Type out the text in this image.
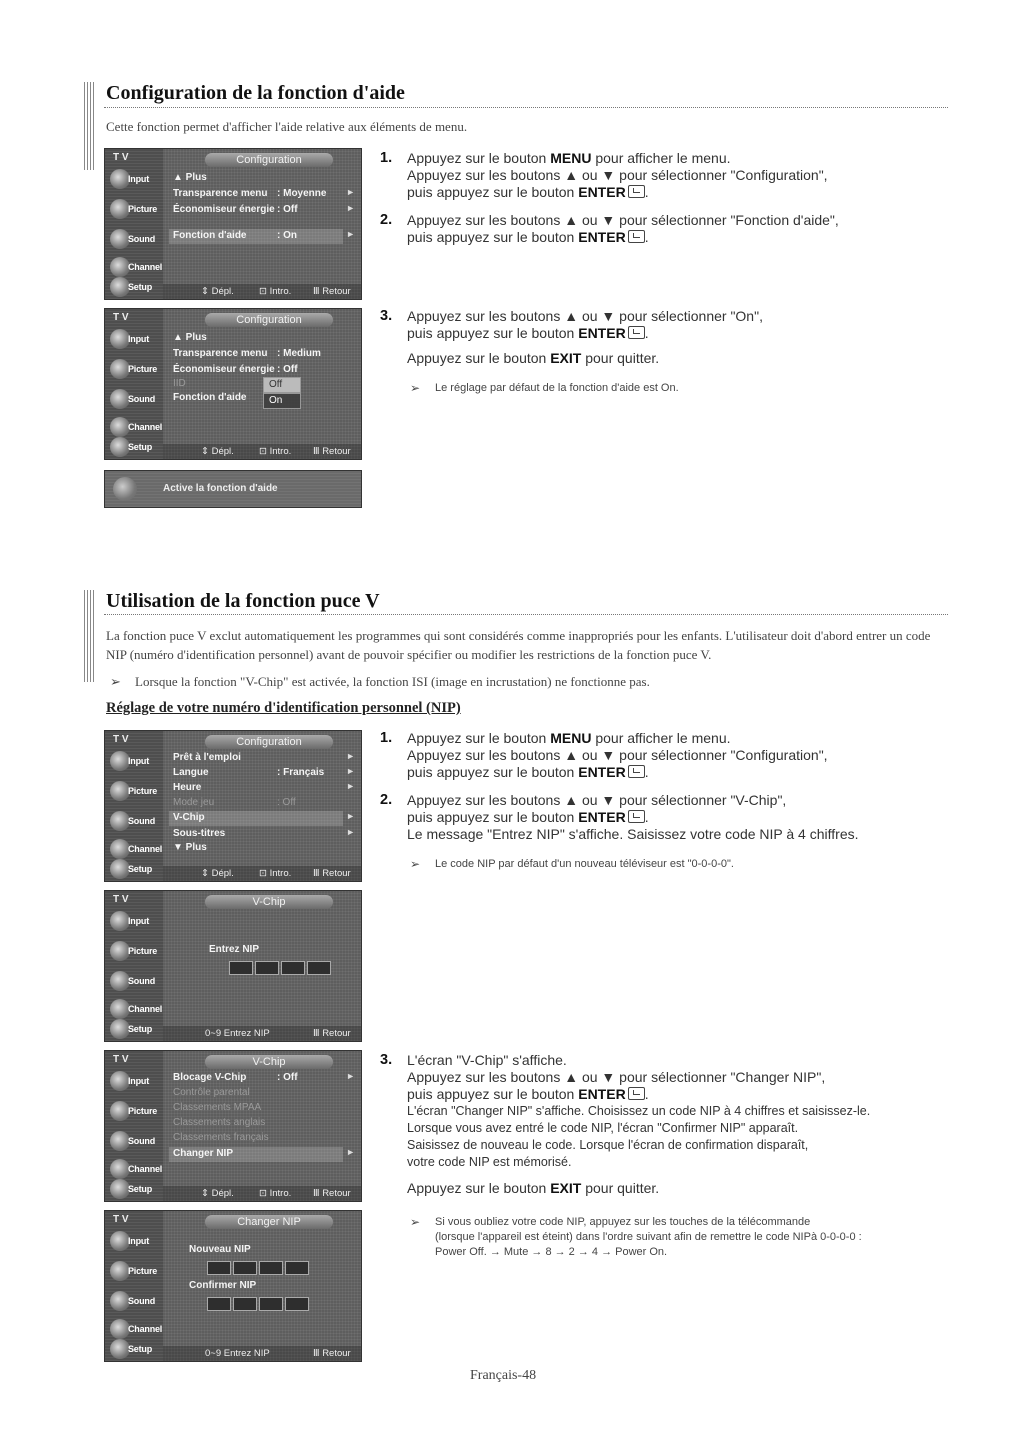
Configuration de la fonction d'aide

Cette fonction permet d'afficher l'aide relative aux éléments de menu.

T V
Input
Picture
Sound
Channel
Setup
Configuration
▲ Plus
Transparence menu : Moyenne ►
Économiseur énergie : Off	►
Fonction d'aide	: On	►
⇕ Dépl.	⊡ Intro. Ⅲ Retour
T V
Input
Picture
Sound
Channel
Setup
Configuration
▲ Plus
Transparence menu : Medium
Économiseur énergie : Off
IID
Fonction d'aide
Off
On
⇕ Dépl.	⊡ Intro. Ⅲ Retour
Active la fonction d'aide
1. Appuyez sur le bouton MENU pour afficher le menu.
Appuyez sur les boutons ▲ ou ▼ pour sélectionner "Configuration",
puis appuyez sur le bouton ENTER .
2. Appuyez sur les boutons ▲ ou ▼ pour sélectionner "Fonction d'aide",
puis appuyez sur le bouton ENTER .
3. Appuyez sur les boutons ▲ ou ▼ pour sélectionner "On",
puis appuyez sur le bouton ENTER .
Appuyez sur le bouton EXIT pour quitter.
➢ Le réglage par défaut de la fonction d'aide est On.
Utilisation de la fonction puce V

La fonction puce V exclut automatiquement les programmes qui sont considérés comme inappropriés pour les enfants. L'utilisateur doit d'abord entrer un code NIP (numéro d'identification personnel) avant de pouvoir spécifier ou modifier les restrictions de la fonction puce V.

➢ Lorsque la fonction "V-Chip" est activée, la fonction ISI (image en incrustation) ne fonctionne pas.

Réglage de votre numéro d'identification personnel (NIP)
T V
Input
Picture
Sound
Channel
Setup
Configuration
Prêt à l'emploi	►
Langue	: Français ►
Heure	►
Mode jeu	: Off
V-Chip	►
Sous-titres	►
▼ Plus
⇕ Dépl.	⊡ Intro. Ⅲ Retour
T V
Input
Picture
Sound
Channel
Setup
V-Chip
Entrez NIP
0~9 Entrez NIP	Ⅲ Retour
T V
Input
Picture
Sound
Channel
Setup
V-Chip
Blocage V-Chip	: Off	►
Contrôle parental
Classements MPAA
Classements anglais
Classements français
Changer NIP	►
⇕ Dépl.	⊡ Intro. Ⅲ Retour
T V
Input
Picture
Sound
Channel
Setup
Changer NIP
Nouveau NIP
Confirmer NIP
0~9 Entrez NIP	Ⅲ Retour
1. Appuyez sur le bouton MENU pour afficher le menu.
Appuyez sur les boutons ▲ ou ▼ pour sélectionner "Configuration",
puis appuyez sur le bouton ENTER .
2. Appuyez sur les boutons ▲ ou ▼ pour sélectionner "V-Chip",
puis appuyez sur le bouton ENTER .
Le message "Entrez NIP" s'affiche. Saisissez votre code NIP à 4 chiffres.
➢ Le code NIP par défaut d'un nouveau téléviseur est "0-0-0-0".
3. L'écran "V-Chip" s'affiche.
Appuyez sur les boutons ▲ ou ▼ pour sélectionner "Changer NIP",
puis appuyez sur le bouton ENTER .
L'écran "Changer NIP" s'affiche. Choisissez un code NIP à 4 chiffres et saisissez-le.
Lorsque vous avez entré le code NIP, l'écran "Confirmer NIP" apparaît.
Saisissez de nouveau le code. Lorsque l'écran de confirmation disparaît,
votre code NIP est mémorisé.
Appuyez sur le bouton EXIT pour quitter.
➢ Si vous oubliez votre code NIP, appuyez sur les touches de la télécommande
(lorsque l'appareil est éteint) dans l'ordre suivant afin de remettre le code NIPà 0-0-0-0 :
Power Off. → Mute → 8 → 2 → 4 → Power On.
Français-48
